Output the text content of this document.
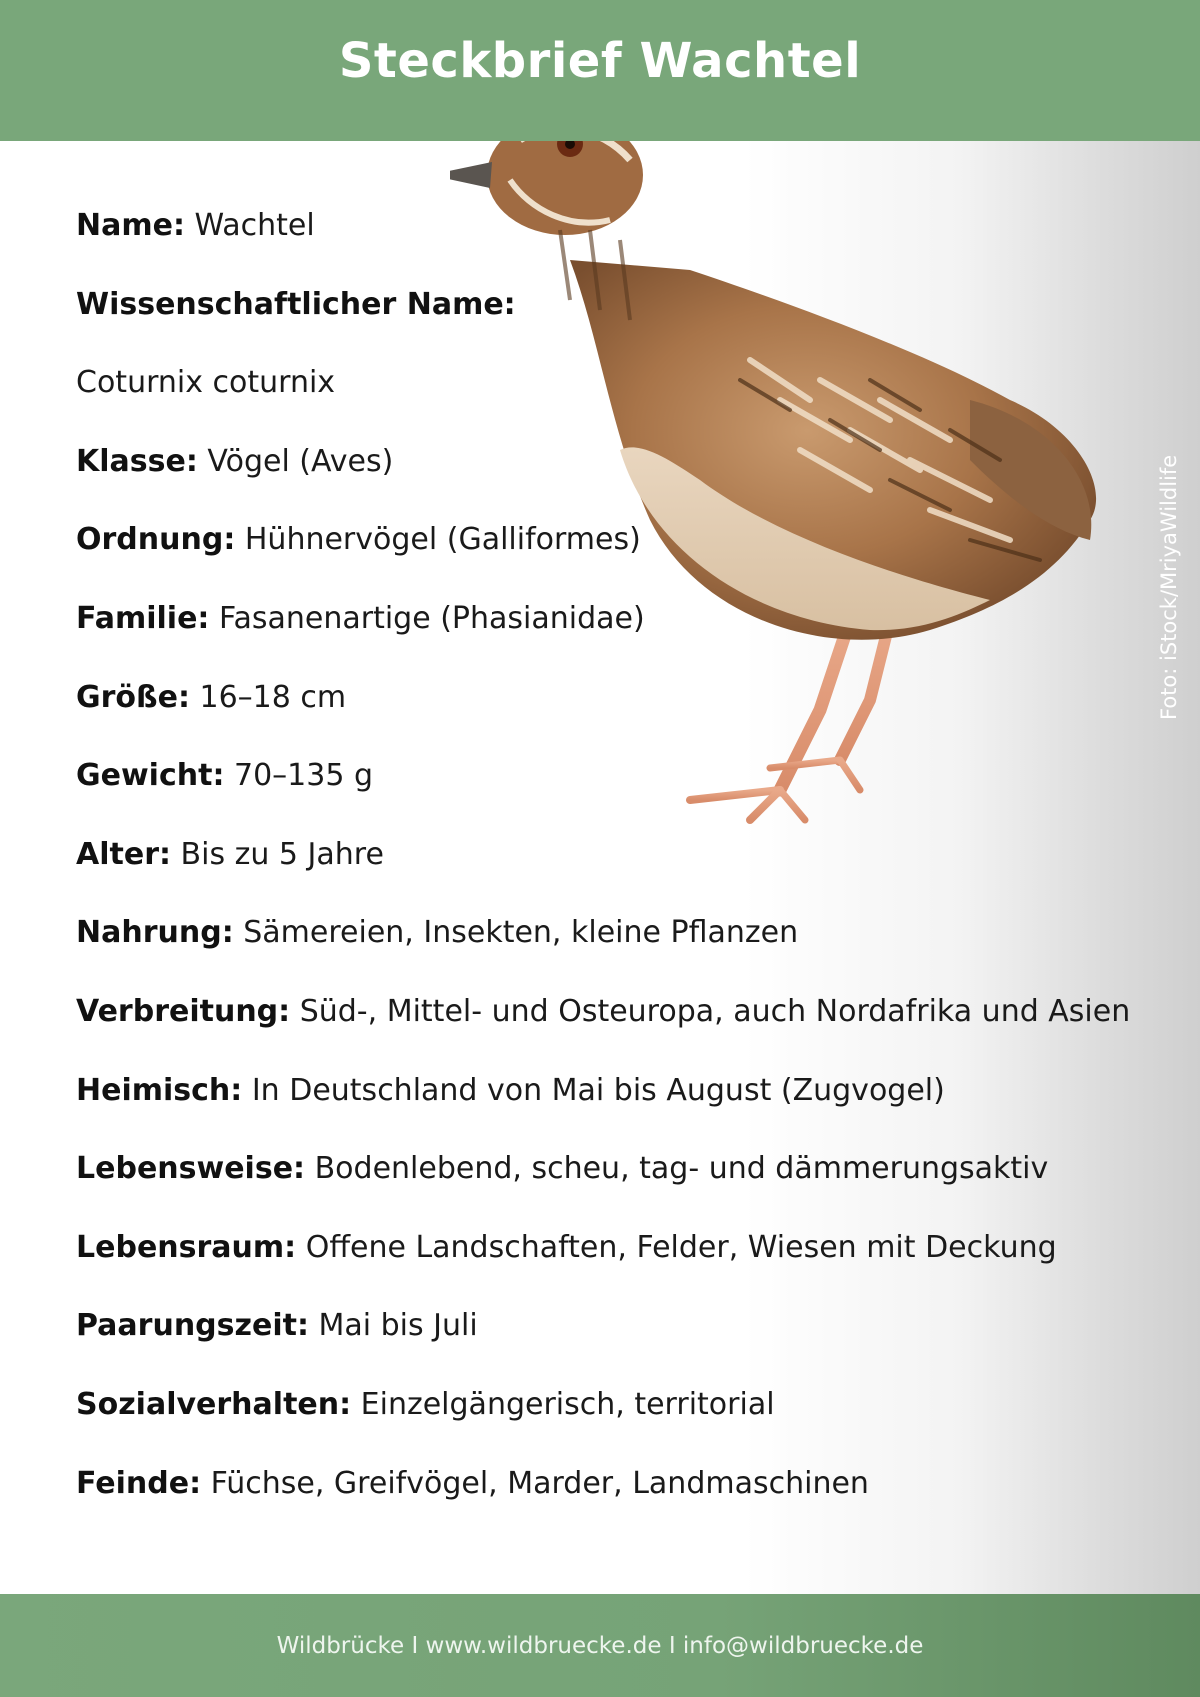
Steckbrief Wachtel
Name: Wachtel
Wissenschaftlicher Name:
Coturnix coturnix
Klasse: Vögel (Aves)
Ordnung: Hühnervögel (Galliformes)
Familie: Fasanenartige (Phasianidae)
Größe: 16–18 cm
Gewicht: 70–135 g
Alter: Bis zu 5 Jahre
Nahrung: Sämereien, Insekten, kleine Pflanzen
Verbreitung: Süd-, Mittel- und Osteuropa, auch Nordafrika und Asien
Heimisch: In Deutschland von Mai bis August (Zugvogel)
Lebensweise: Bodenlebend, scheu, tag- und dämmerungsaktiv
Lebensraum: Offene Landschaften, Felder, Wiesen mit Deckung
Paarungszeit: Mai bis Juli
Sozialverhalten: Einzelgängerisch, territorial
Feinde: Füchse, Greifvögel, Marder, Landmaschinen
Foto: iStock/MriyaWildlife
Wildbrücke I www.wildbruecke.de I info@wildbruecke.de
